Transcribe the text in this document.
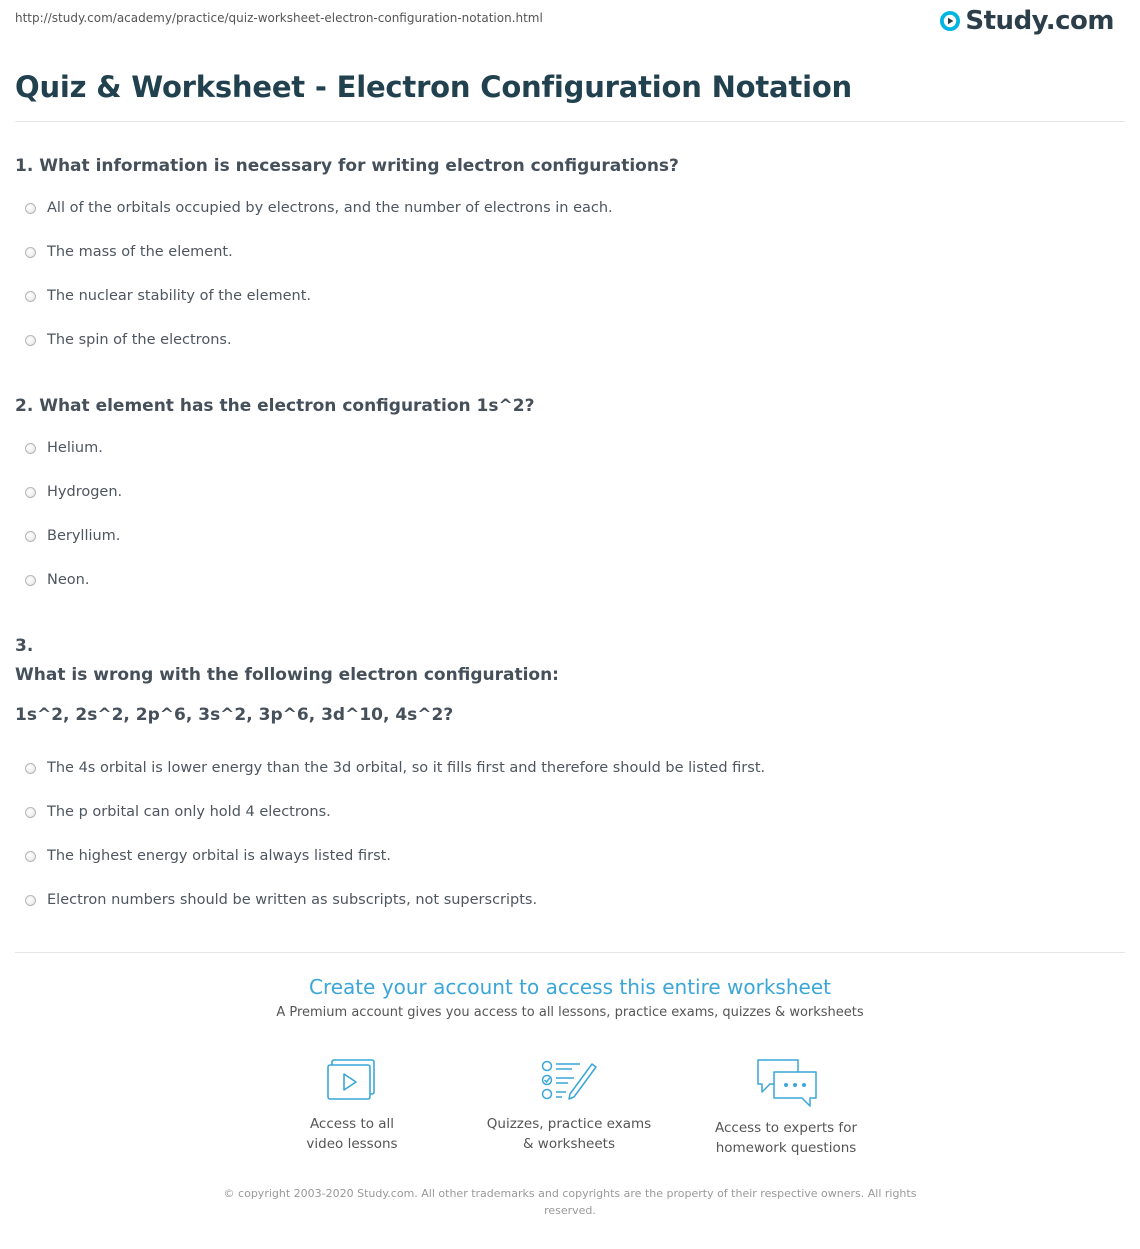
http://study.com/academy/practice/quiz-worksheet-electron-configuration-notation.html	Study.com
Quiz & Worksheet - Electron Configuration Notation

1. What information is necessary for writing electron configurations?

All of the orbitals occupied by electrons, and the number of electrons in each.
The mass of the element.
The nuclear stability of the element.
The spin of the electrons.

2. What element has the electron configuration 1s^2?

Helium.
Hydrogen.
Beryllium.
Neon.

3.

What is wrong with the following electron configuration:

1s^2, 2s^2, 2p^6, 3s^2, 3p^6, 3d^10, 4s^2?

The 4s orbital is lower energy than the 3d orbital, so it fills first and therefore should be listed first.
The p orbital can only hold 4 electrons.
The highest energy orbital is always listed first.
Electron numbers should be written as subscripts, not superscripts.
Create your account to access this entire worksheet
A Premium account gives you access to all lessons, practice exams, quizzes & worksheets
Access to all
video lessons
Quizzes, practice exams
& worksheets
Access to experts for
homework questions
© copyright 2003-2020 Study.com. All other trademarks and copyrights are the property of their respective owners. All rights
reserved.
